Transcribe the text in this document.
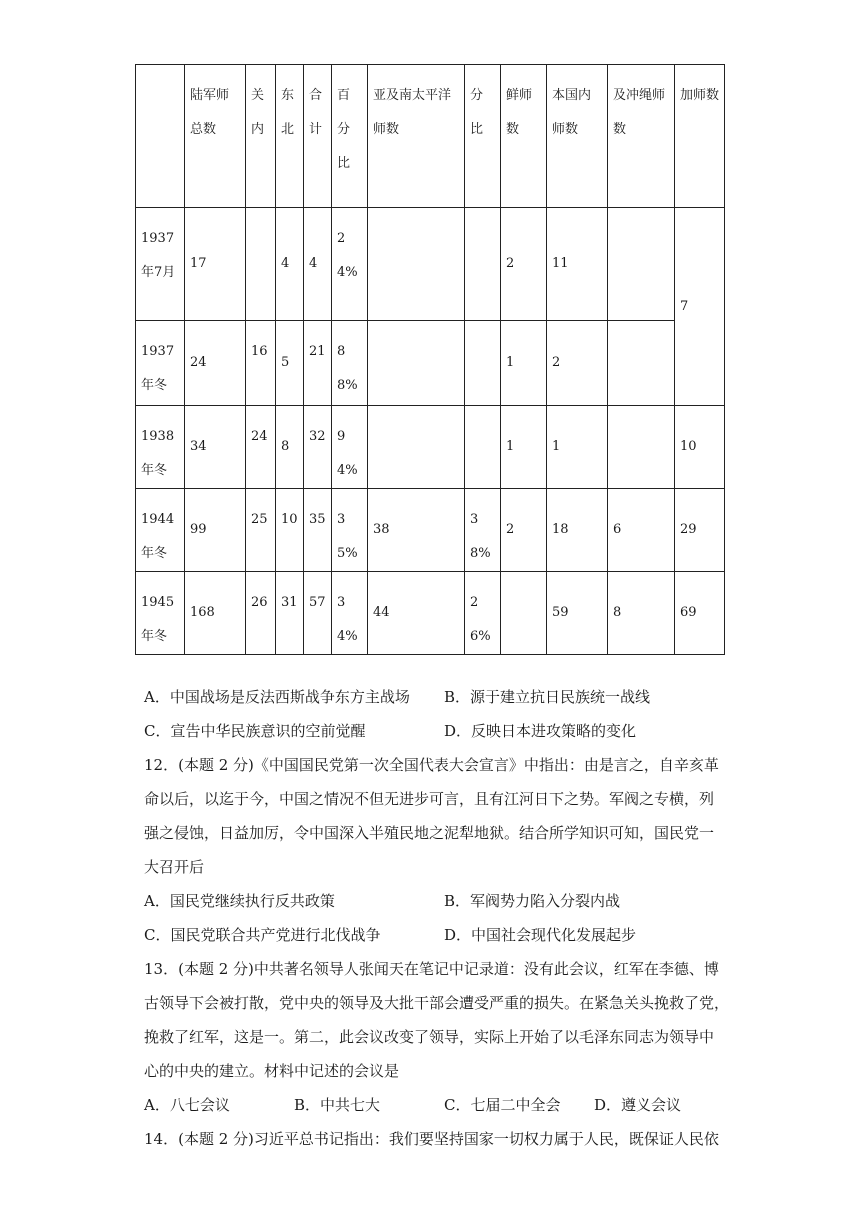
	陆军师总数	关内	东北	合计	百分比	亚及南太平洋师数	分比	鲜师数	本国内师数	及冲绳师数	加师数
1937年7月	17		4	4	24%			2	11		7
1937年冬	24	16	5	21	88%			1	2		
1938年冬	34	24	8	32	94%			1	1		10
1944年冬	99	25	10	35	35%	38	38%	2	18	6	29
1945年冬	168	26	31	57	34%	44	26%		59	8	69
A．中国战场是反法西斯战争东方主战场 B．源于建立抗日民族统一战线
C．宣告中华民族意识的空前觉醒	D．反映日本进攻策略的变化
12．(本题 2 分)《中国国民党第一次全国代表大会宣言》中指出：由是言之，自辛亥革
命以后，以迄于今，中国之情况不但无进步可言，且有江河日下之势。军阀之专横，列
强之侵蚀，日益加厉，令中国深入半殖民地之泥犁地狱。结合所学知识可知，国民党一
大召开后
A．国民党继续执行反共政策	B．军阀势力陷入分裂内战
C．国民党联合共产党进行北伐战争	D．中国社会现代化发展起步
13．(本题 2 分)中共著名领导人张闻天在笔记中记录道：没有此会议，红军在李德、博
古领导下会被打散，党中央的领导及大批干部会遭受严重的损失。在紧急关头挽救了党，
挽救了红军，这是一。第二，此会议改变了领导，实际上开始了以毛泽东同志为领导中
心的中央的建立。材料中记述的会议是
A．八七会议	B．中共七大	C．七届二中全会 D．遵义会议
14．(本题 2 分)习近平总书记指出：我们要坚持国家一切权力属于人民，既保证人民依
